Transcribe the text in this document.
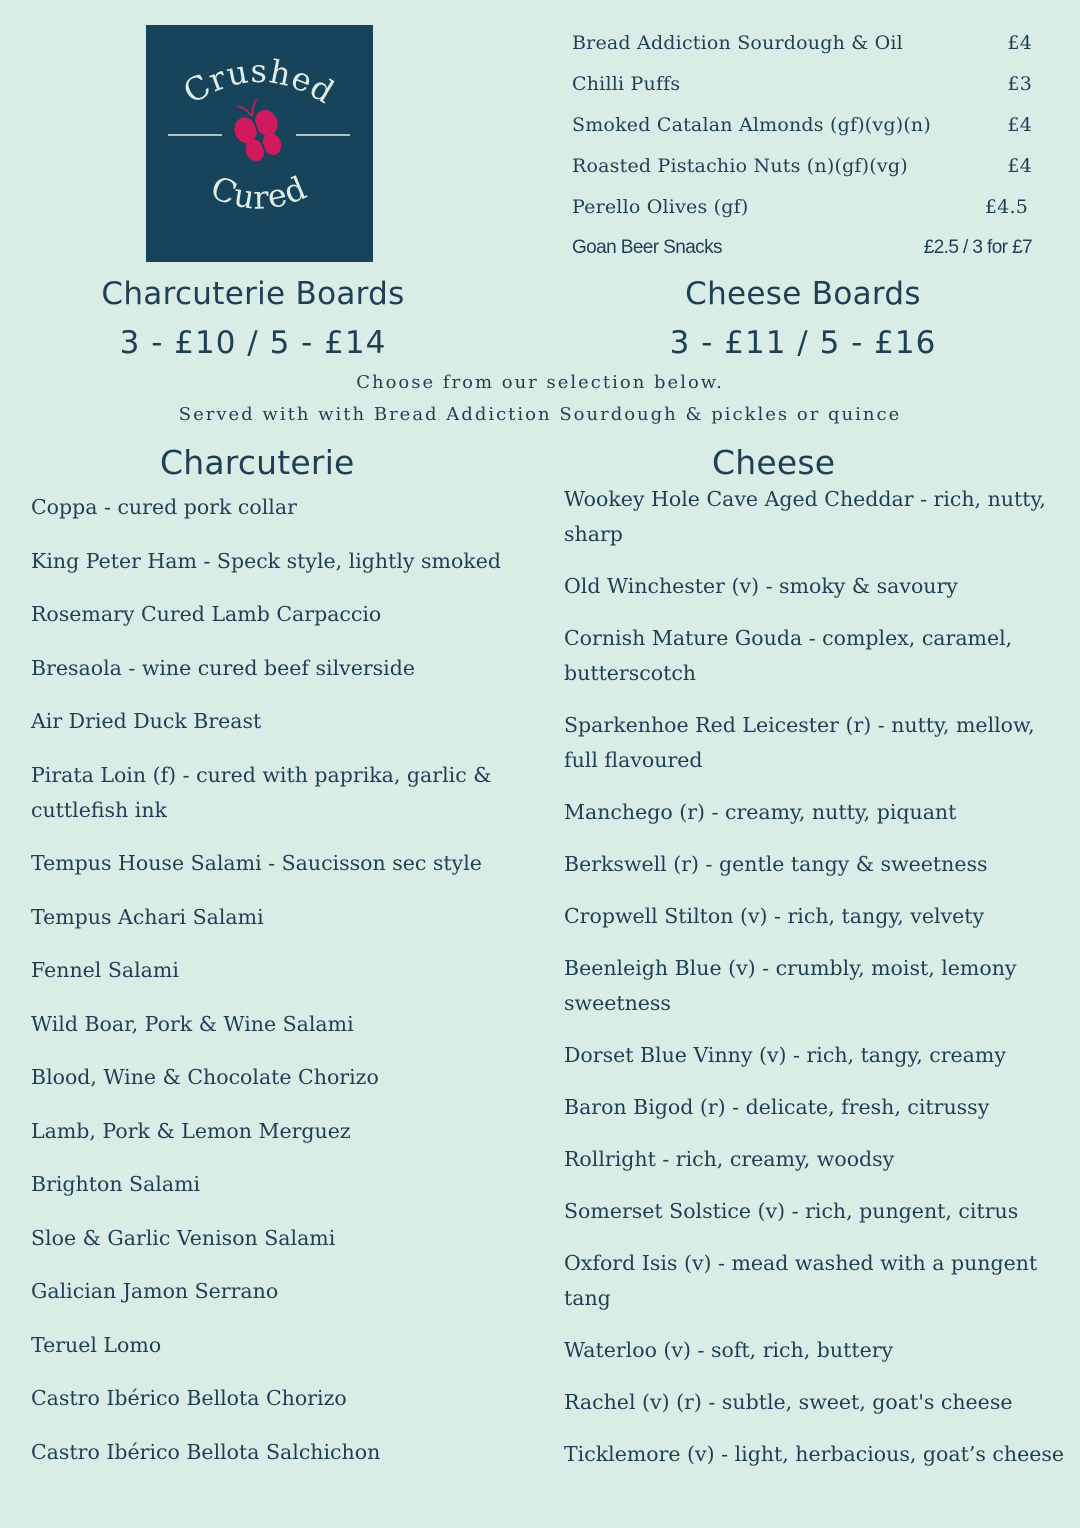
Crushed
Cured
Bread Addiction Sourdough & Oil	£4
Chilli Puffs	£3
Smoked Catalan Almonds (gf)(vg)(n)	£4
Roasted Pistachio Nuts (n)(gf)(vg)	£4
Perello Olives (gf)	£4.5
Goan Beer Snacks	£2.5 / 3 for £7
Charcuterie Boards
3 - £10 / 5 - £14
Cheese Boards
3 - £11 / 5 - £16
Choose from our selection below.
Served with with Bread Addiction Sourdough & pickles or quince
Charcuterie	Cheese
Coppa - cured pork collar
King Peter Ham - Speck style, lightly smoked
Rosemary Cured Lamb Carpaccio
Bresaola - wine cured beef silverside
Air Dried Duck Breast
Pirata Loin (f) - cured with paprika, garlic & cuttlefish ink
Tempus House Salami - Saucisson sec style
Tempus Achari Salami
Fennel Salami
Wild Boar, Pork & Wine Salami
Blood, Wine & Chocolate Chorizo
Lamb, Pork & Lemon Merguez
Brighton Salami
Sloe & Garlic Venison Salami
Galician Jamon Serrano
Teruel Lomo
Castro Ibérico Bellota Chorizo
Castro Ibérico Bellota Salchichon
Wookey Hole Cave Aged Cheddar - rich, nutty, sharp
Old Winchester (v) - smoky & savoury
Cornish Mature Gouda - complex, caramel, butterscotch
Sparkenhoe Red Leicester (r) - nutty, mellow, full flavoured
Manchego (r) - creamy, nutty, piquant
Berkswell (r) - gentle tangy & sweetness
Cropwell Stilton (v) - rich, tangy, velvety
Beenleigh Blue (v) - crumbly, moist, lemony sweetness
Dorset Blue Vinny (v) - rich, tangy, creamy
Baron Bigod (r) - delicate, fresh, citrussy
Rollright - rich, creamy, woodsy
Somerset Solstice (v) - rich, pungent, citrus
Oxford Isis (v) - mead washed with a pungent tang
Waterloo (v) - soft, rich, buttery
Rachel (v) (r) - subtle, sweet, goat's cheese
Ticklemore (v) - light, herbacious, goat’s cheese
